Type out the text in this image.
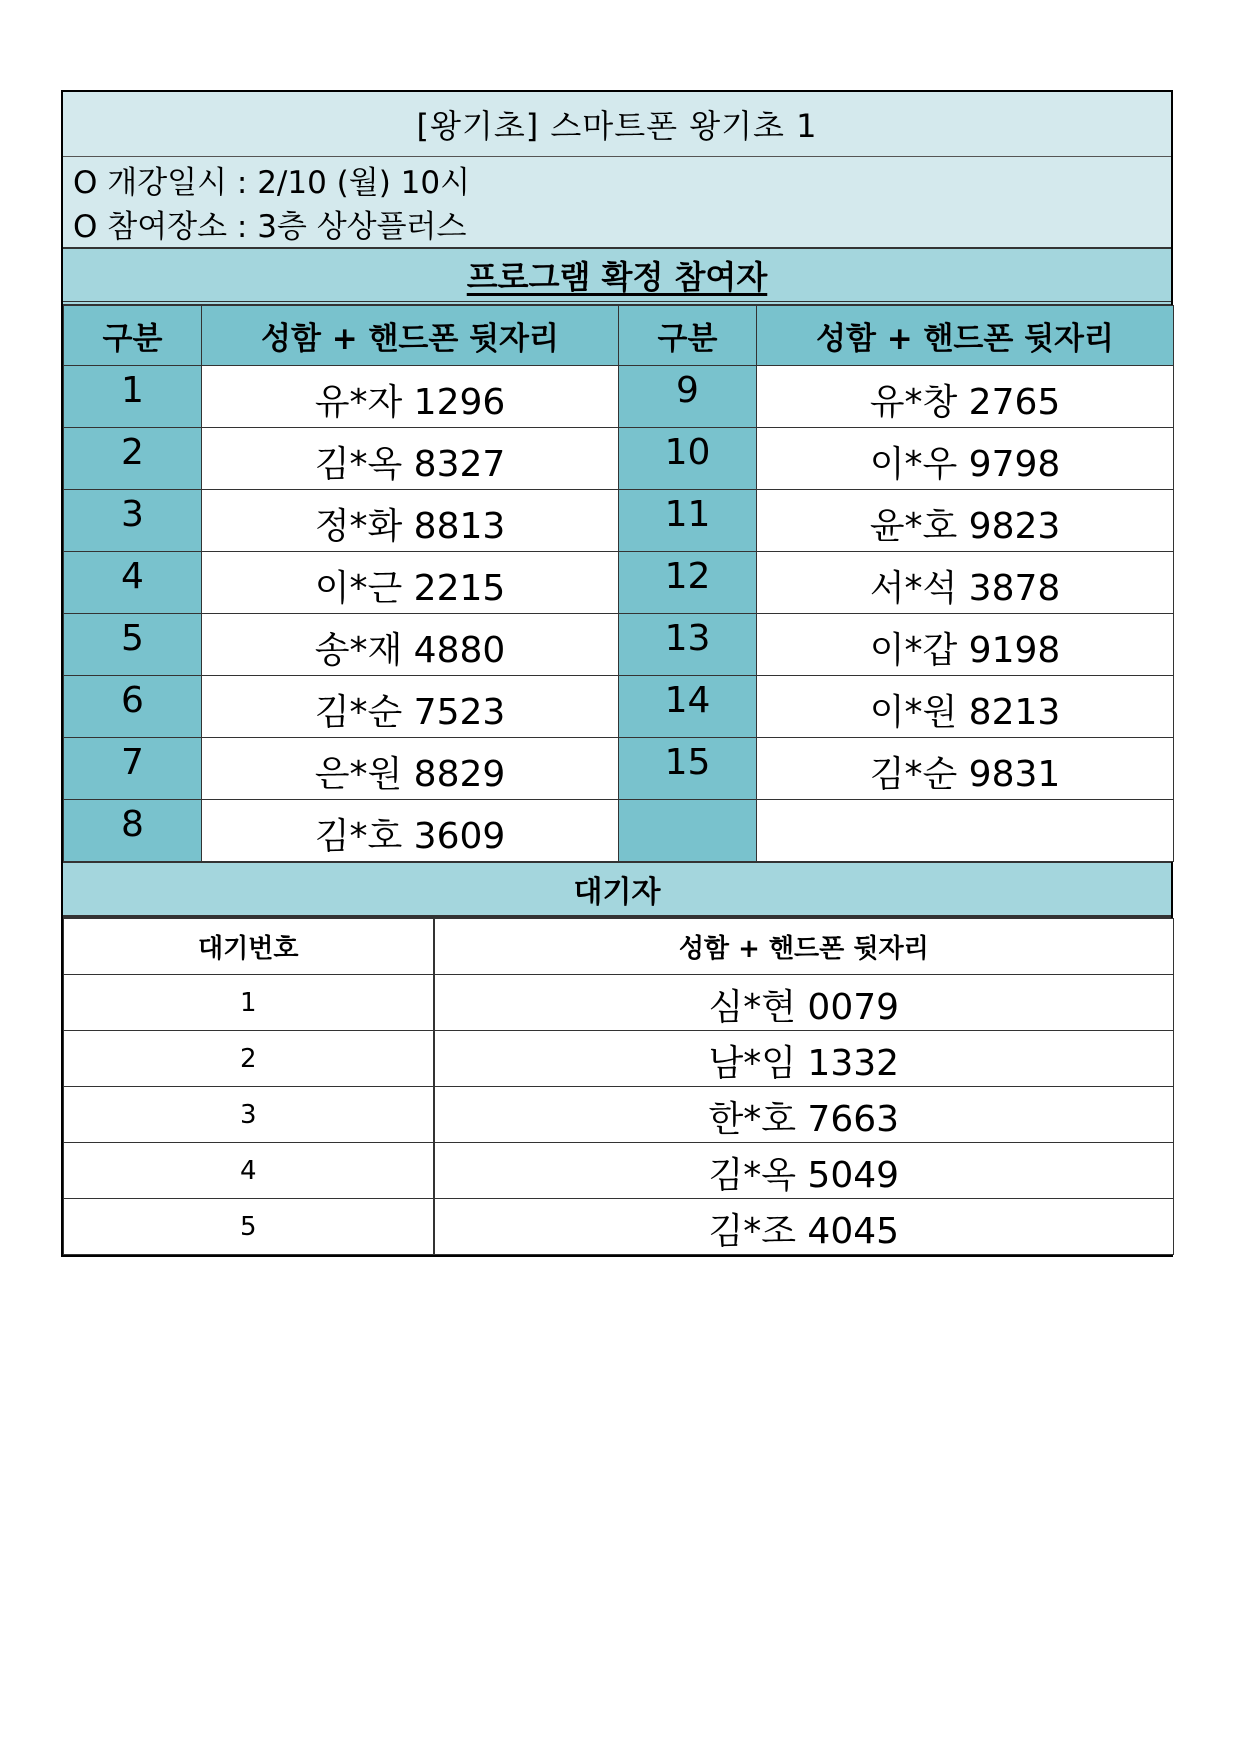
[왕기초] 스마트폰 왕기초 1
O 개강일시 : 2/10 (월) 10시
O 참여장소 : 3층 상상플러스
프로그램 확정 참여자
구분	성함 + 핸드폰 뒷자리	구분	성함 + 핸드폰 뒷자리
1	유*자 1296	9	유*창 2765
2	김*옥 8327	10	이*우 9798
3	정*화 8813	11	윤*호 9823
4	이*근 2215	12	서*석 3878
5	송*재 4880	13	이*갑 9198
6	김*순 7523	14	이*원 8213
7	은*원 8829	15	김*순 9831
8	김*호 3609		
대기자
대기번호	성함 + 핸드폰 뒷자리
1	심*현 0079
2	남*임 1332
3	한*호 7663
4	김*옥 5049
5	김*조 4045
